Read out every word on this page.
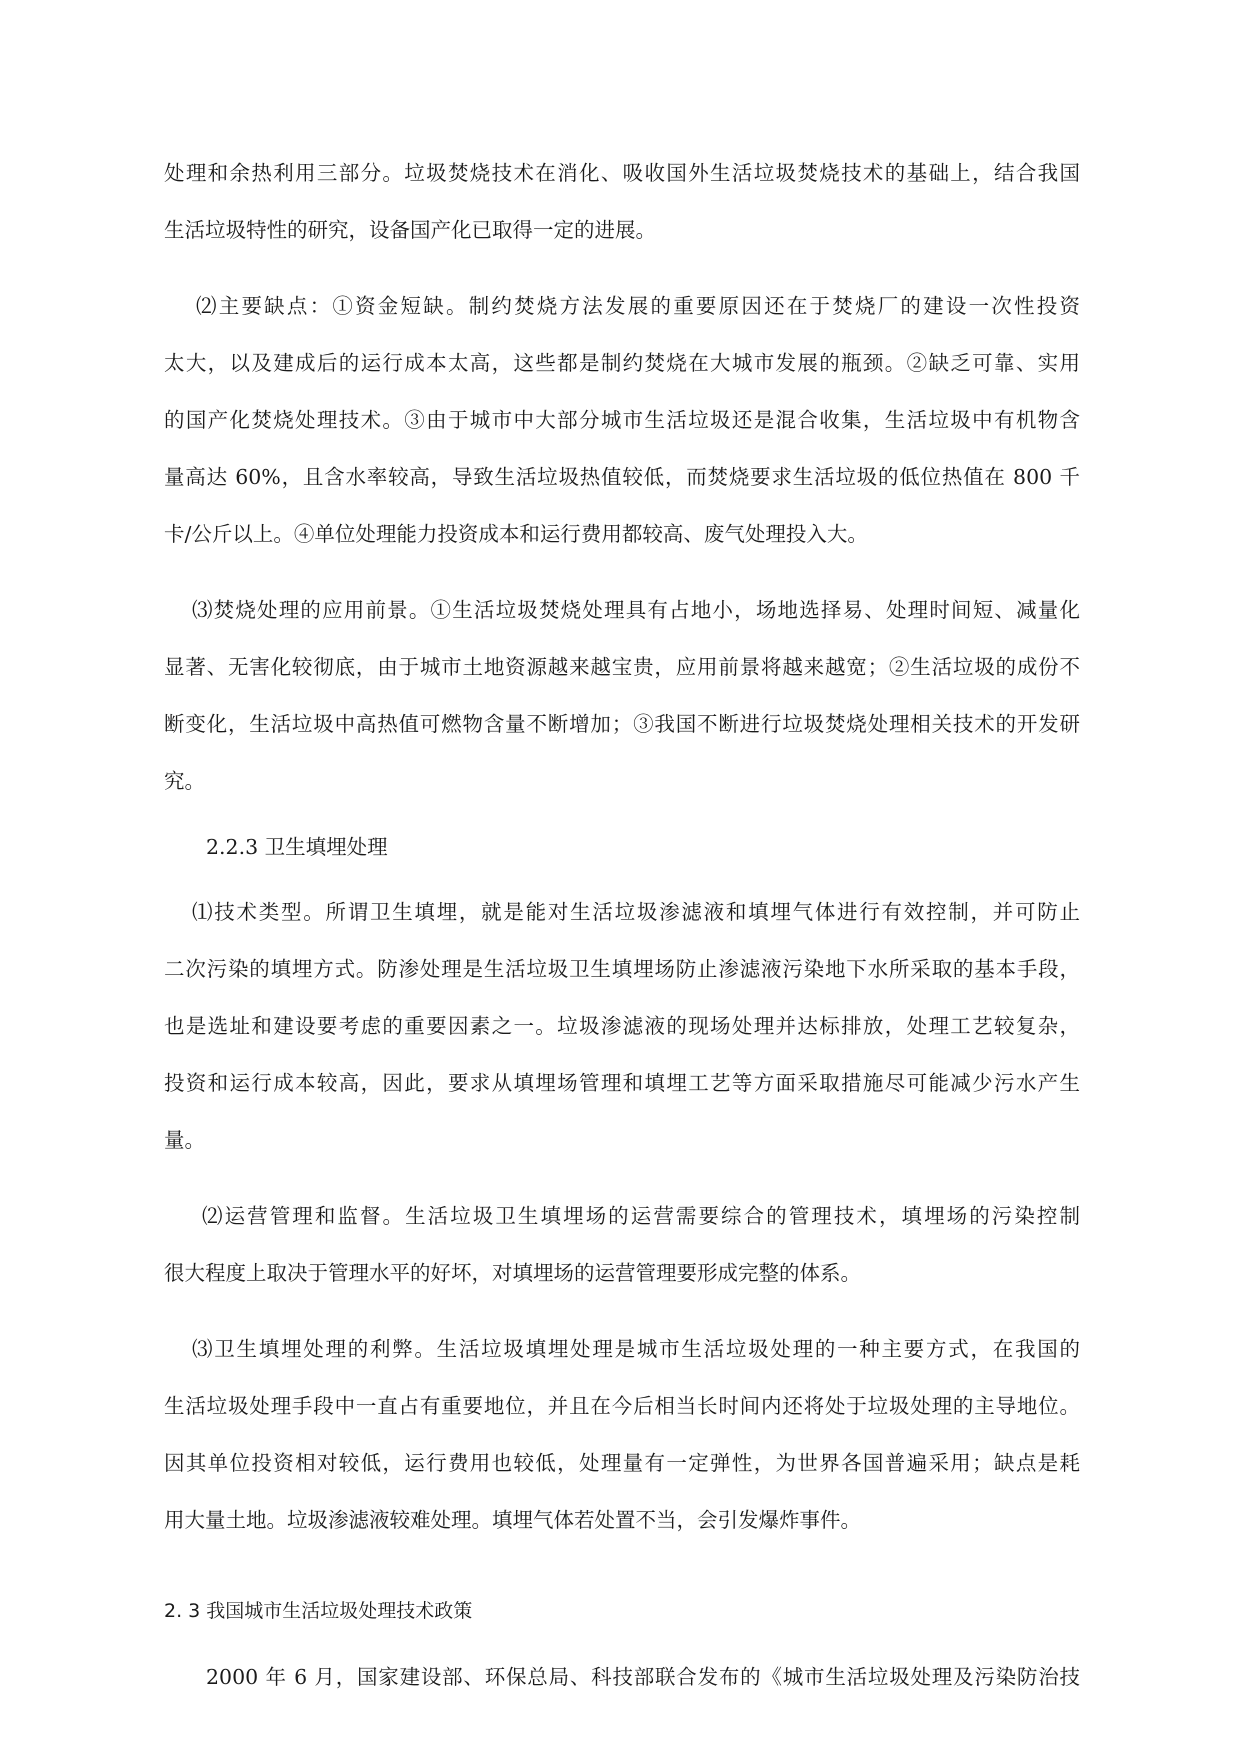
处理和余热利用三部分。垃圾焚烧技术在消化、吸收国外生活垃圾焚烧技术的基础上，结合我国
生活垃圾特性的研究，设备国产化已取得一定的进展。
⑵主要缺点：①资金短缺。制约焚烧方法发展的重要原因还在于焚烧厂的建设一次性投资
太大，以及建成后的运行成本太高，这些都是制约焚烧在大城市发展的瓶颈。②缺乏可靠、实用
的国产化焚烧处理技术。③由于城市中大部分城市生活垃圾还是混合收集，生活垃圾中有机物含
量高达 60%，且含水率较高，导致生活垃圾热值较低，而焚烧要求生活垃圾的低位热值在 800 千
卡/公斤以上。④单位处理能力投资成本和运行费用都较高、废气处理投入大。
⑶焚烧处理的应用前景。①生活垃圾焚烧处理具有占地小，场地选择易、处理时间短、减量化
显著、无害化较彻底，由于城市土地资源越来越宝贵，应用前景将越来越宽；②生活垃圾的成份不
断变化，生活垃圾中高热值可燃物含量不断增加；③我国不断进行垃圾焚烧处理相关技术的开发研
究。
2.2.3 卫生填埋处理
⑴技术类型。所谓卫生填埋，就是能对生活垃圾渗滤液和填埋气体进行有效控制，并可防止
二次污染的填埋方式。防渗处理是生活垃圾卫生填埋场防止渗滤液污染地下水所采取的基本手段，
也是选址和建设要考虑的重要因素之一。垃圾渗滤液的现场处理并达标排放，处理工艺较复杂，
投资和运行成本较高，因此，要求从填埋场管理和填埋工艺等方面采取措施尽可能减少污水产生
量。
⑵运营管理和监督。生活垃圾卫生填埋场的运营需要综合的管理技术，填埋场的污染控制
很大程度上取决于管理水平的好坏，对填埋场的运营管理要形成完整的体系。
⑶卫生填埋处理的利弊。生活垃圾填埋处理是城市生活垃圾处理的一种主要方式，在我国的
生活垃圾处理手段中一直占有重要地位，并且在今后相当长时间内还将处于垃圾处理的主导地位。
因其单位投资相对较低，运行费用也较低，处理量有一定弹性，为世界各国普遍采用；缺点是耗
用大量土地。垃圾渗滤液较难处理。填埋气体若处置不当，会引发爆炸事件。
2. 3 我国城市生活垃圾处理技术政策
2000 年 6 月，国家建设部、环保总局、科技部联合发布的《城市生活垃圾处理及污染防治技
